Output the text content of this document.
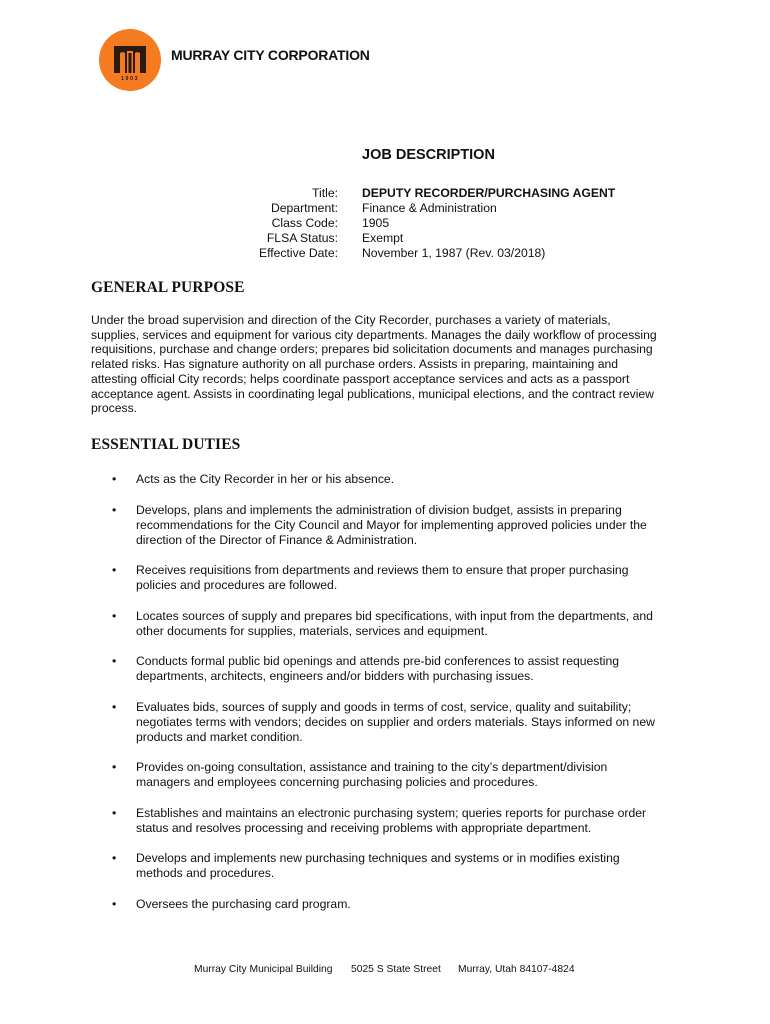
1903
MURRAY CITY CORPORATION
JOB DESCRIPTION
Title: DEPUTY RECORDER/PURCHASING AGENT
Department: Finance & Administration
Class Code: 1905
FLSA Status: Exempt
Effective Date: November 1, 1987 (Rev. 03/2018)
GENERAL PURPOSE
Under the broad supervision and direction of the City Recorder, purchases a variety of materials,
supplies, services and equipment for various city departments. Manages the daily workflow of processing
requisitions, purchase and change orders; prepares bid solicitation documents and manages purchasing
related risks. Has signature authority on all purchase orders. Assists in preparing, maintaining and
attesting official City records; helps coordinate passport acceptance services and acts as a passport
acceptance agent. Assists in coordinating legal publications, municipal elections, and the contract review
process.
ESSENTIAL DUTIES
• Acts as the City Recorder in her or his absence.
• Develops, plans and implements the administration of division budget, assists in preparing
recommendations for the City Council and Mayor for implementing approved policies under the
direction of the Director of Finance & Administration.
• Receives requisitions from departments and reviews them to ensure that proper purchasing
policies and procedures are followed.
• Locates sources of supply and prepares bid specifications, with input from the departments, and
other documents for supplies, materials, services and equipment.
• Conducts formal public bid openings and attends pre-bid conferences to assist requesting
departments, architects, engineers and/or bidders with purchasing issues.
• Evaluates bids, sources of supply and goods in terms of cost, service, quality and suitability;
negotiates terms with vendors; decides on supplier and orders materials. Stays informed on new
products and market condition.
• Provides on-going consultation, assistance and training to the city’s department/division
managers and employees concerning purchasing policies and procedures.
• Establishes and maintains an electronic purchasing system; queries reports for purchase order
status and resolves processing and receiving problems with appropriate department.
• Develops and implements new purchasing techniques and systems or in modifies existing
methods and procedures.
• Oversees the purchasing card program.
Murray City Municipal Building 5025 S State Street Murray, Utah 84107-4824
